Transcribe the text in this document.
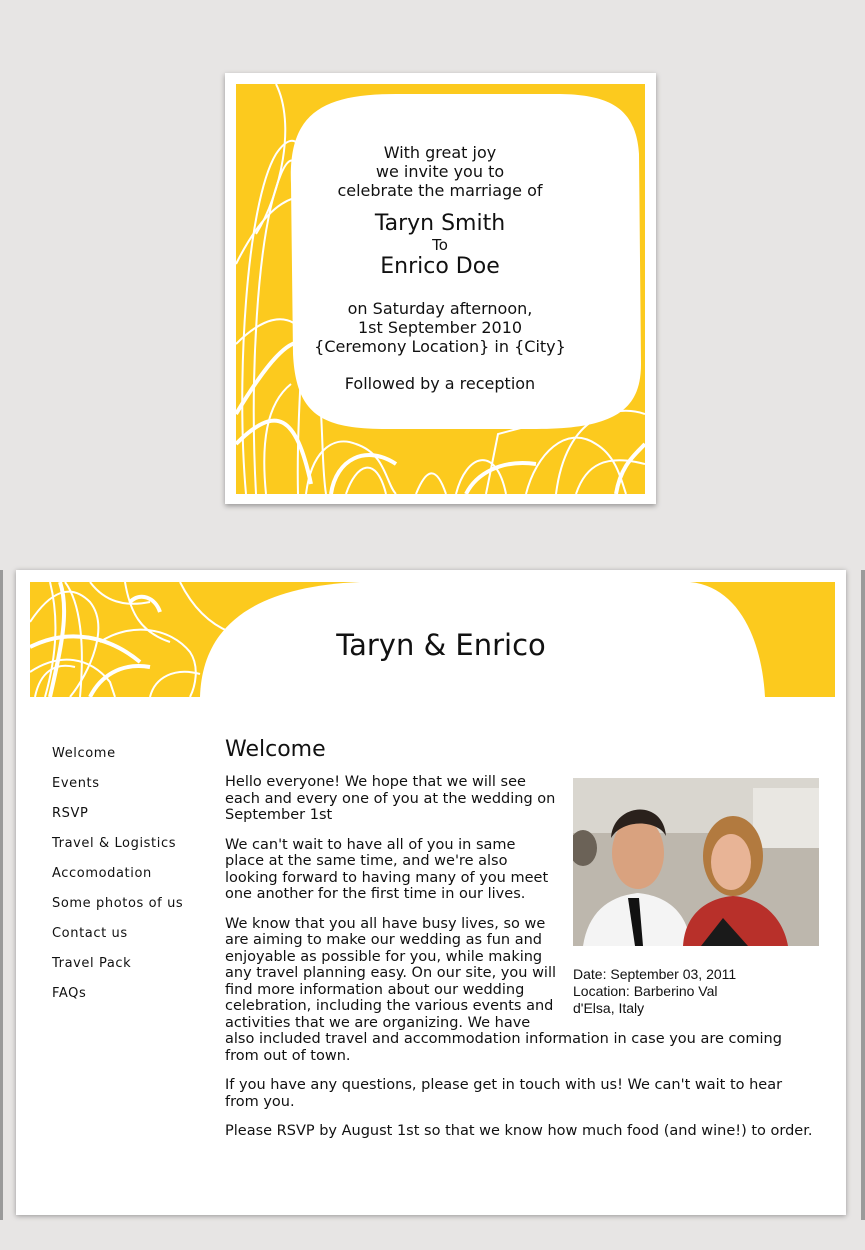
With great joy
we invite you to
celebrate the marriage of
Taryn Smith
To
Enrico Doe
on Saturday afternoon,
1st September 2010
{Ceremony Location} in {City}
Followed by a reception
Taryn & Enrico
Welcome
Events
RSVP
Travel & Logistics
Accomodation
Some photos of us
Contact us
Travel Pack
FAQs
Welcome
Date: September 03, 2011
Location: Barberino Val d'Elsa, Italy

Hello everyone! We hope that we will see each and every one of you at the wedding on September 1st

We can't wait to have all of you in same place at the same time, and we're also looking forward to having many of you meet one another for the first time in our lives.

We know that you all have busy lives, so we are aiming to make our wedding as fun and enjoyable as possible for you, while making any travel planning easy. On our site, you will find more information about our wedding celebration, including the various events and activities that we are organizing. We have also included travel and accommodation information in case you are coming from out of town.

If you have any questions, please get in touch with us! We can't wait to hear from you.

Please RSVP by August 1st so that we know how much food (and wine!) to order.
